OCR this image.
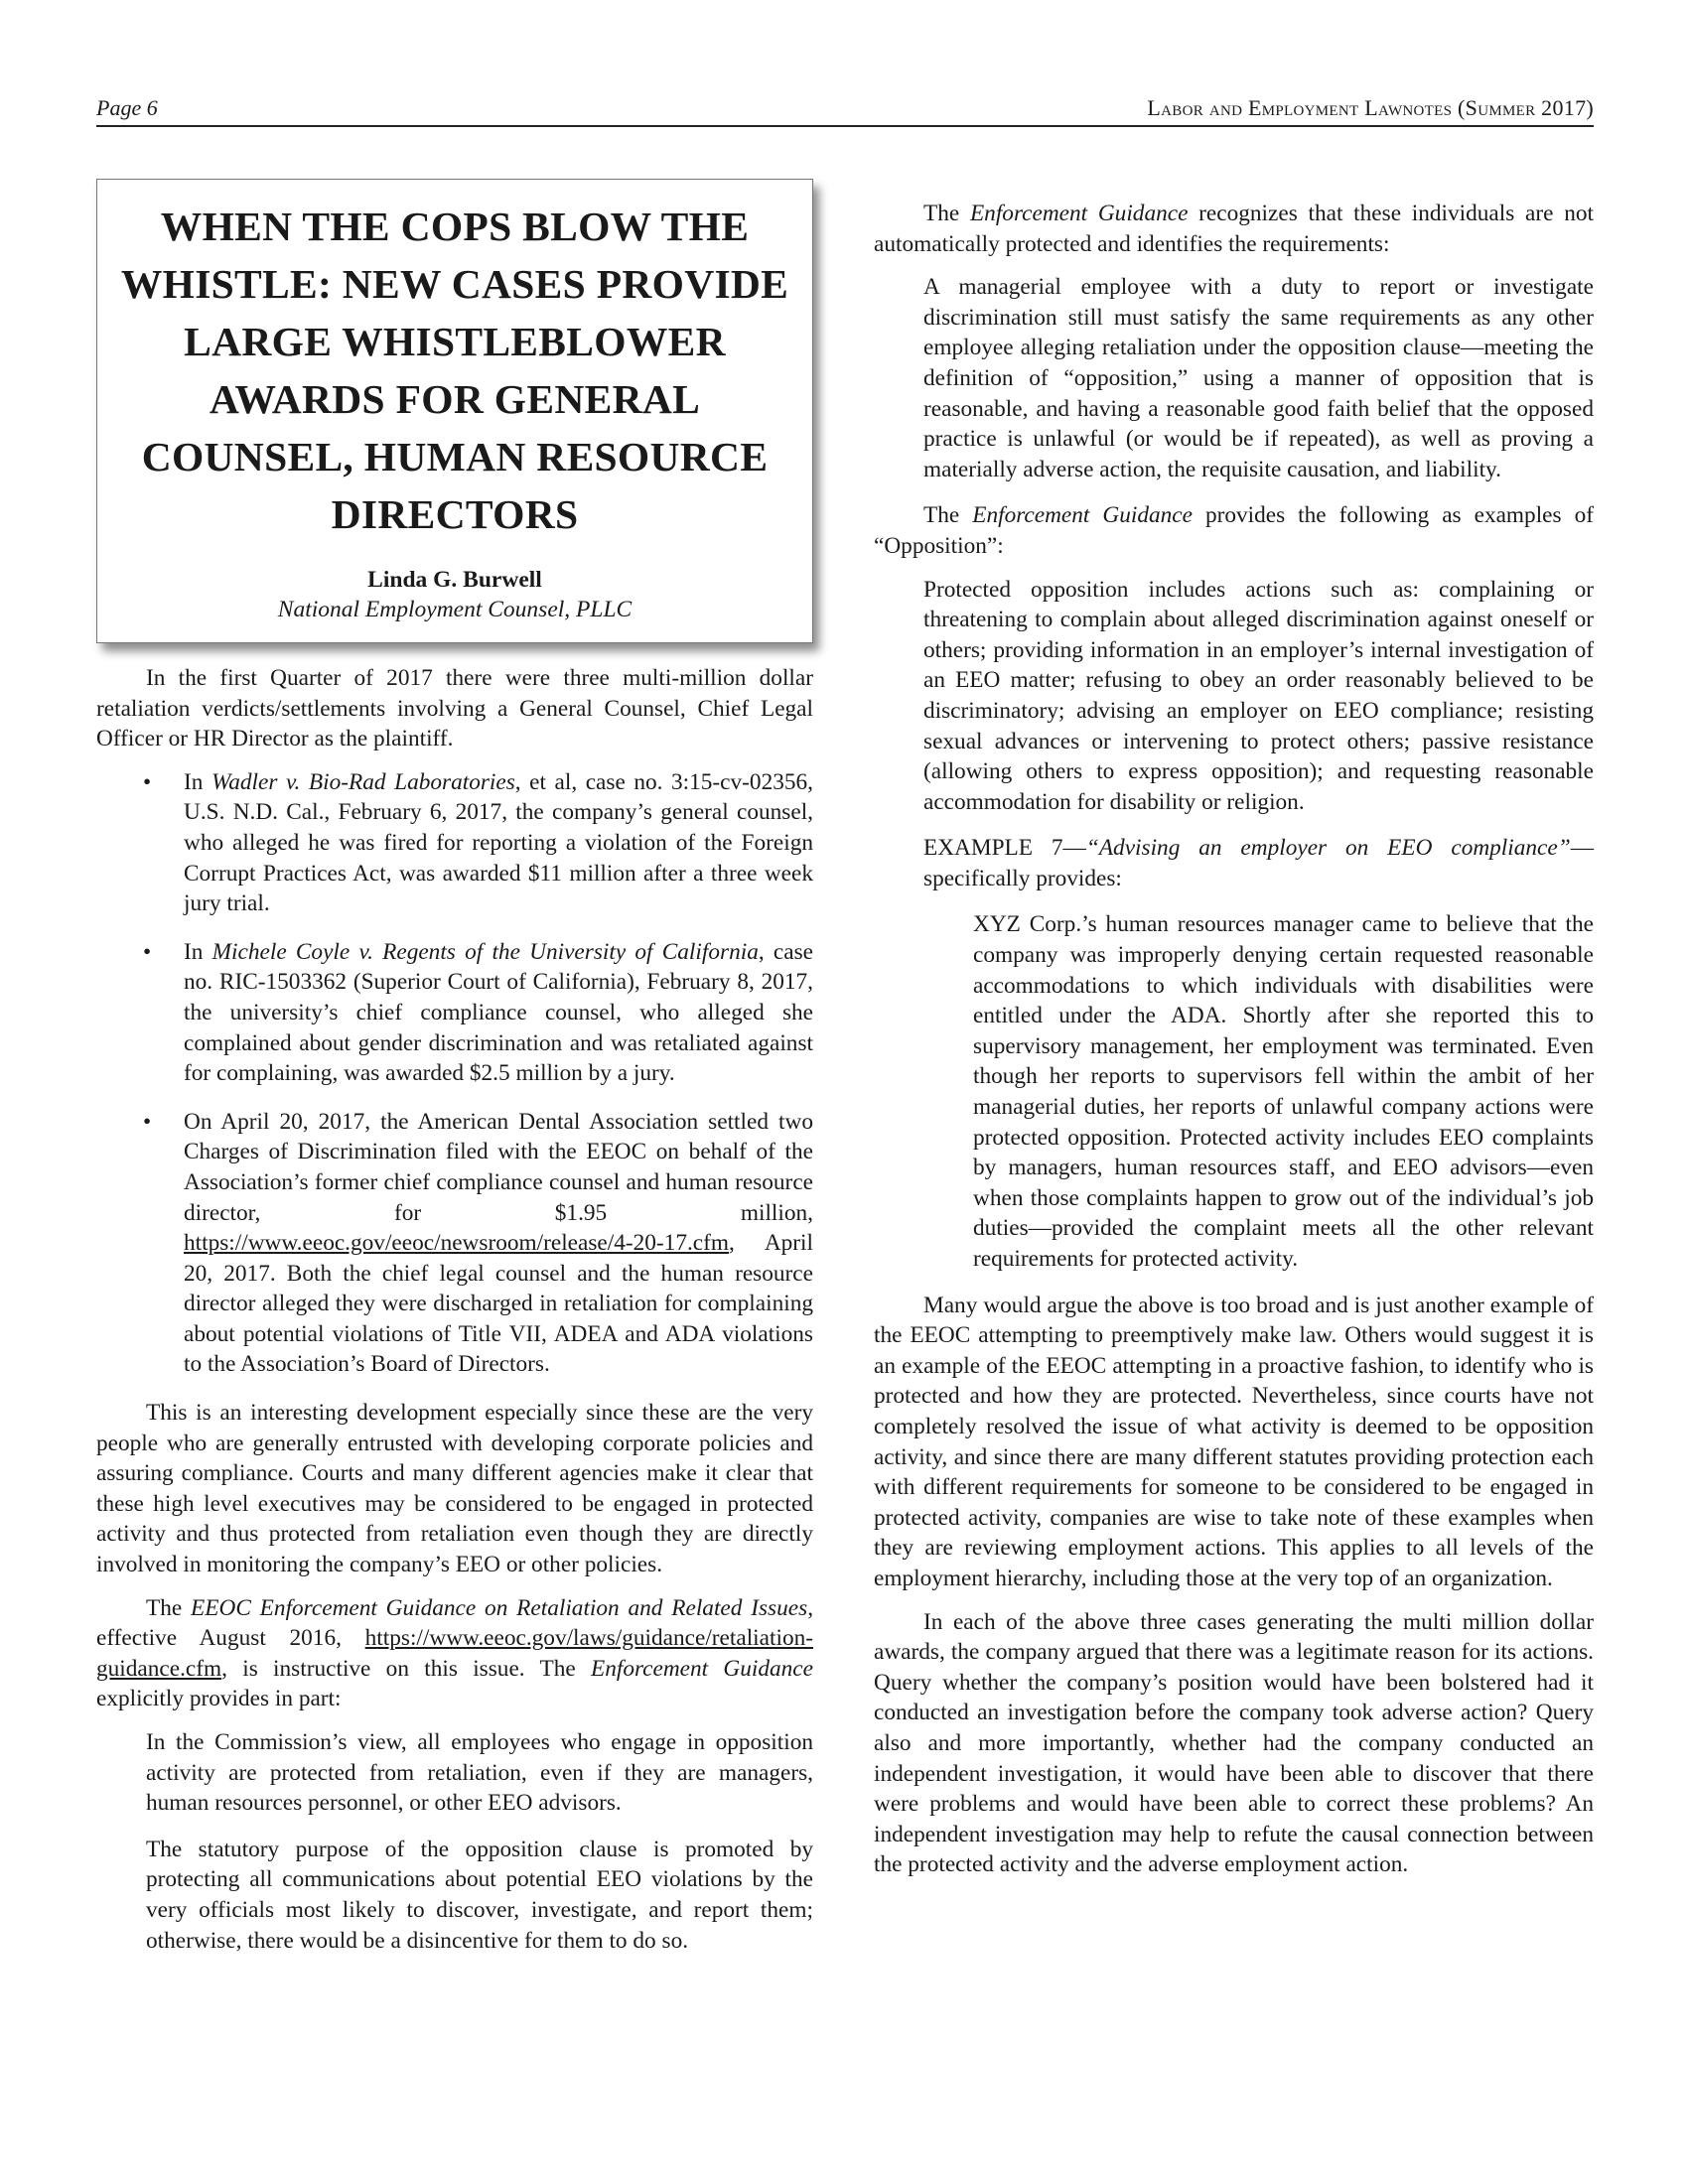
Page 6	Labor and Employment Lawnotes (Summer 2017)
WHEN THE COPS BLOW THE WHISTLE: NEW CASES PROVIDE LARGE WHISTLEBLOWER AWARDS FOR GENERAL COUNSEL, HUMAN RESOURCE DIRECTORS
Linda G. Burwell
National Employment Counsel, PLLC

In the first Quarter of 2017 there were three multi-million dollar retaliation verdicts/settlements involving a General Counsel, Chief Legal Officer or HR Director as the plaintiff.

• In Wadler v. Bio-Rad Laboratories, et al, case no. 3:15-cv-02356, U.S. N.D. Cal., February 6, 2017, the company’s general counsel, who alleged he was fired for reporting a violation of the Foreign Corrupt Practices Act, was awarded $11 million after a three week jury trial.
• In Michele Coyle v. Regents of the University of California, case no. RIC-1503362 (Superior Court of California), February 8, 2017, the university’s chief compliance counsel, who alleged she complained about gender discrimination and was retaliated against for complaining, was awarded $2.5 million by a jury.
• On April 20, 2017, the American Dental Association settled two Charges of Discrimination filed with the EEOC on behalf of the Association’s former chief compliance counsel and human resource director, for $1.95 million, https://www.eeoc.gov/eeoc/newsroom/release/4-20-17.cfm, April 20, 2017. Both the chief legal counsel and the human resource director alleged they were discharged in retaliation for complaining about potential violations of Title VII, ADEA and ADA violations to the Association’s Board of Directors.

This is an interesting development especially since these are the very people who are generally entrusted with developing corporate policies and assuring compliance. Courts and many different agencies make it clear that these high level executives may be considered to be engaged in protected activity and thus protected from retaliation even though they are directly involved in monitoring the company’s EEO or other policies.

The EEOC Enforcement Guidance on Retaliation and Related Issues, effective August 2016, https://www.eeoc.gov/laws/guidance/retaliation-guidance.cfm, is instructive on this issue. The Enforcement Guidance explicitly provides in part:

In the Commission’s view, all employees who engage in opposition activity are protected from retaliation, even if they are managers, human resources personnel, or other EEO advisors.
The statutory purpose of the opposition clause is promoted by protecting all communications about potential EEO violations by the very officials most likely to discover, investigate, and report them; otherwise, there would be a disincentive for them to do so.

The Enforcement Guidance recognizes that these individuals are not automatically protected and identifies the requirements:

A managerial employee with a duty to report or investigate discrimination still must satisfy the same requirements as any other employee alleging retaliation under the opposition clause—meeting the definition of “opposition,” using a manner of opposition that is reasonable, and having a reasonable good faith belief that the opposed practice is unlawful (or would be if repeated), as well as proving a materially adverse action, the requisite causation, and liability.

The Enforcement Guidance provides the following as examples of “Opposition”:

Protected opposition includes actions such as: complaining or threatening to complain about alleged discrimination against oneself or others; providing information in an employer’s internal investigation of an EEO matter; refusing to obey an order reasonably believed to be discriminatory; advising an employer on EEO compliance; resisting sexual advances or intervening to protect others; passive resistance (allowing others to express opposition); and requesting reasonable accommodation for disability or religion.
EXAMPLE 7—“Advising an employer on EEO compliance”—specifically provides:
XYZ Corp.’s human resources manager came to believe that the company was improperly denying certain requested reasonable accommodations to which individuals with disabilities were entitled under the ADA. Shortly after she reported this to supervisory management, her employment was terminated. Even though her reports to supervisors fell within the ambit of her managerial duties, her reports of unlawful company actions were protected opposition. Protected activity includes EEO complaints by managers, human resources staff, and EEO advisors—even when those complaints happen to grow out of the individual’s job duties—provided the complaint meets all the other relevant requirements for protected activity.

Many would argue the above is too broad and is just another example of the EEOC attempting to preemptively make law. Others would suggest it is an example of the EEOC attempting in a proactive fashion, to identify who is protected and how they are protected. Nevertheless, since courts have not completely resolved the issue of what activity is deemed to be opposition activity, and since there are many different statutes providing protection each with different requirements for someone to be considered to be engaged in protected activity, companies are wise to take note of these examples when they are reviewing employment actions. This applies to all levels of the employment hierarchy, including those at the very top of an organization.

In each of the above three cases generating the multi million dollar awards, the company argued that there was a legitimate reason for its actions. Query whether the company’s position would have been bolstered had it conducted an investigation before the company took adverse action? Query also and more importantly, whether had the company conducted an independent investigation, it would have been able to discover that there were problems and would have been able to correct these problems? An independent investigation may help to refute the causal connection between the protected activity and the adverse employment action.
